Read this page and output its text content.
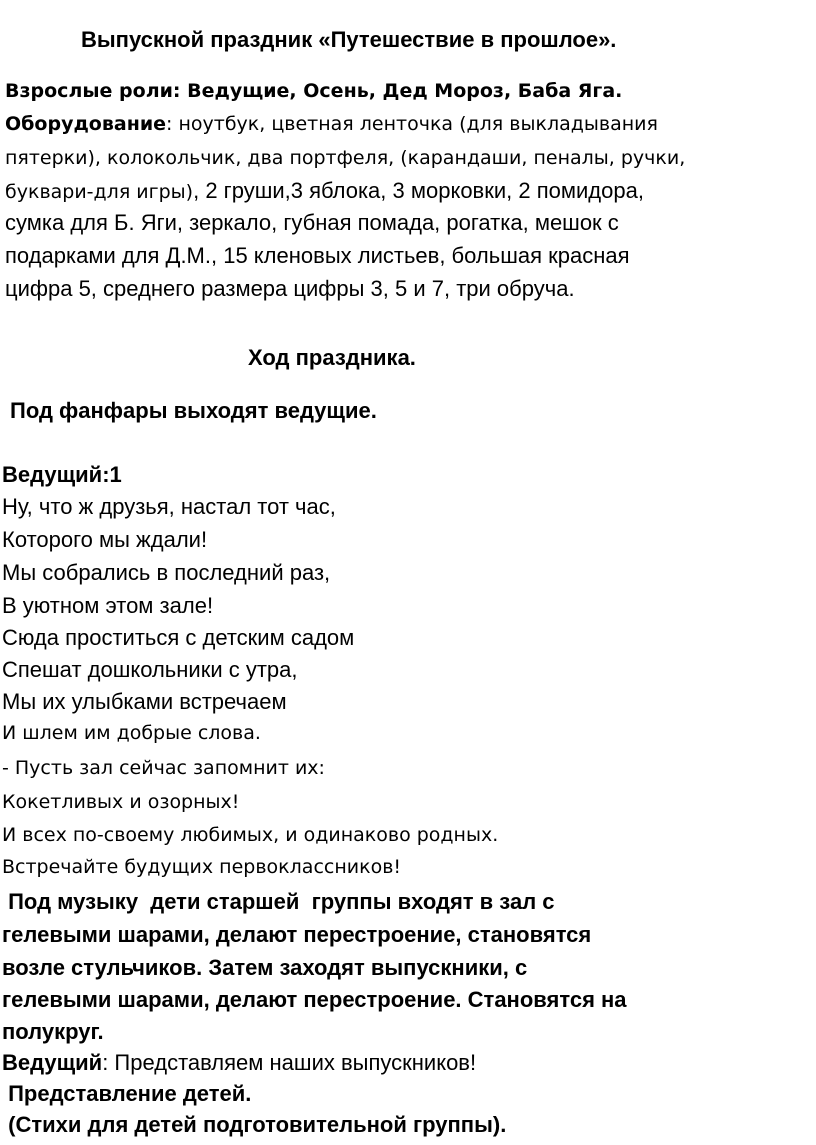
Выпускной праздник «Путешествие в прошлое».

Взрослые роли: Ведущие, Осень, Дед Мороз, Баба Яга.

Оборудование: ноутбук, цветная ленточка (для выкладывания

пятерки), колокольчик, два портфеля, (карандаши, пеналы, ручки,

буквари-для игры), 2 груши,3 яблока, 3 морковки, 2 помидора,

сумка для Б. Яги, зеркало, губная помада, рогатка, мешок с

подарками для Д.М., 15 кленовых листьев, большая красная

цифра 5, среднего размера цифры 3, 5 и 7, три обруча.

Ход праздника.

Под фанфары выходят ведущие.

Ведущий:1

Ну, что ж друзья, настал тот час,

Которого мы ждали!

Мы собрались в последний раз,

В уютном этом зале!

Сюда проститься с детским садом

Спешат дошкольники с утра,

Мы их улыбками встречаем

И шлем им добрые слова.

- Пусть зал сейчас запомнит их:

Кокетливых и озорных!

И всех по-своему любимых, и одинаково родных.

Встречайте будущих первоклассников!

Под музыку  дети старшей  группы входят в зал с

гелевыми шарами, делают перестроение, становятся

возле стульчиков. Затем заходят выпускники, с

гелевыми шарами, делают перестроение. Становятся на

полукруг.

Ведущий: Представляем наших выпускников!

Представление детей.

(Стихи для детей подготовительной группы).
